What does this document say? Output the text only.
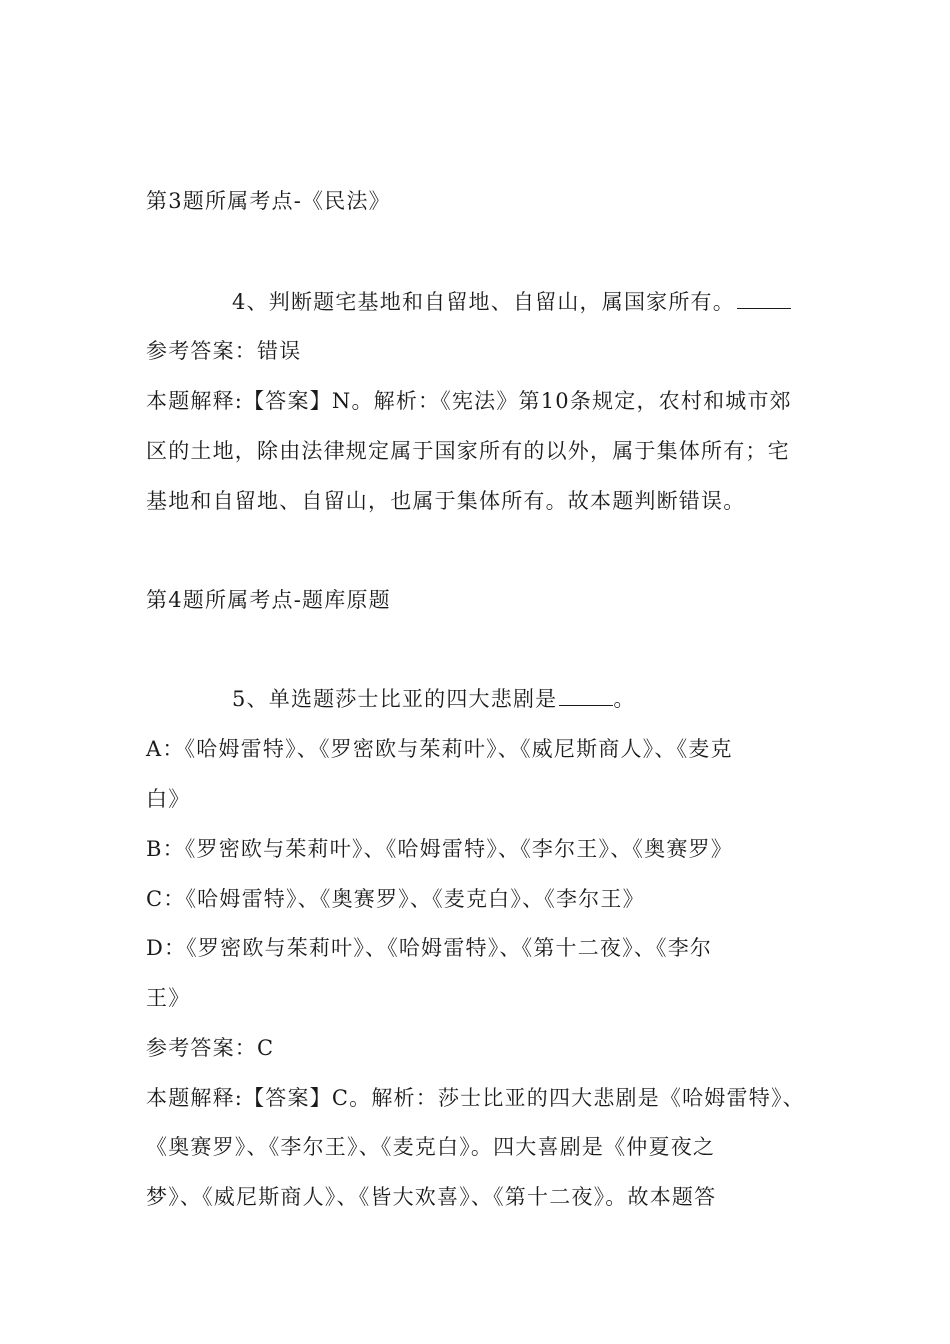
第3题所属考点-《民法》
4、判断题宅基地和自留地、自留山，属国家所有。
参考答案：错误
本题解释:【答案】N。解析：《宪法》第10条规定，农村和城市郊
区的土地，除由法律规定属于国家所有的以外，属于集体所有；宅
基地和自留地、自留山，也属于集体所有。故本题判断错误。
第4题所属考点-题库原题
5、单选题莎士比亚的四大悲剧是	。
A：《哈姆雷特》、《罗密欧与茱莉叶》、《威尼斯商人》、《麦克
白》
B：《罗密欧与茱莉叶》、《哈姆雷特》、《李尔王》、《奥赛罗》
C：《哈姆雷特》、《奥赛罗》、《麦克白》、《李尔王》
D：《罗密欧与茱莉叶》、《哈姆雷特》、《第十二夜》、《李尔
王》
参考答案：C
本题解释:【答案】C。解析：莎士比亚的四大悲剧是《哈姆雷特》、
《奥赛罗》、《李尔王》、《麦克白》。四大喜剧是《仲夏夜之
梦》、《威尼斯商人》、《皆大欢喜》、《第十二夜》。故本题答
